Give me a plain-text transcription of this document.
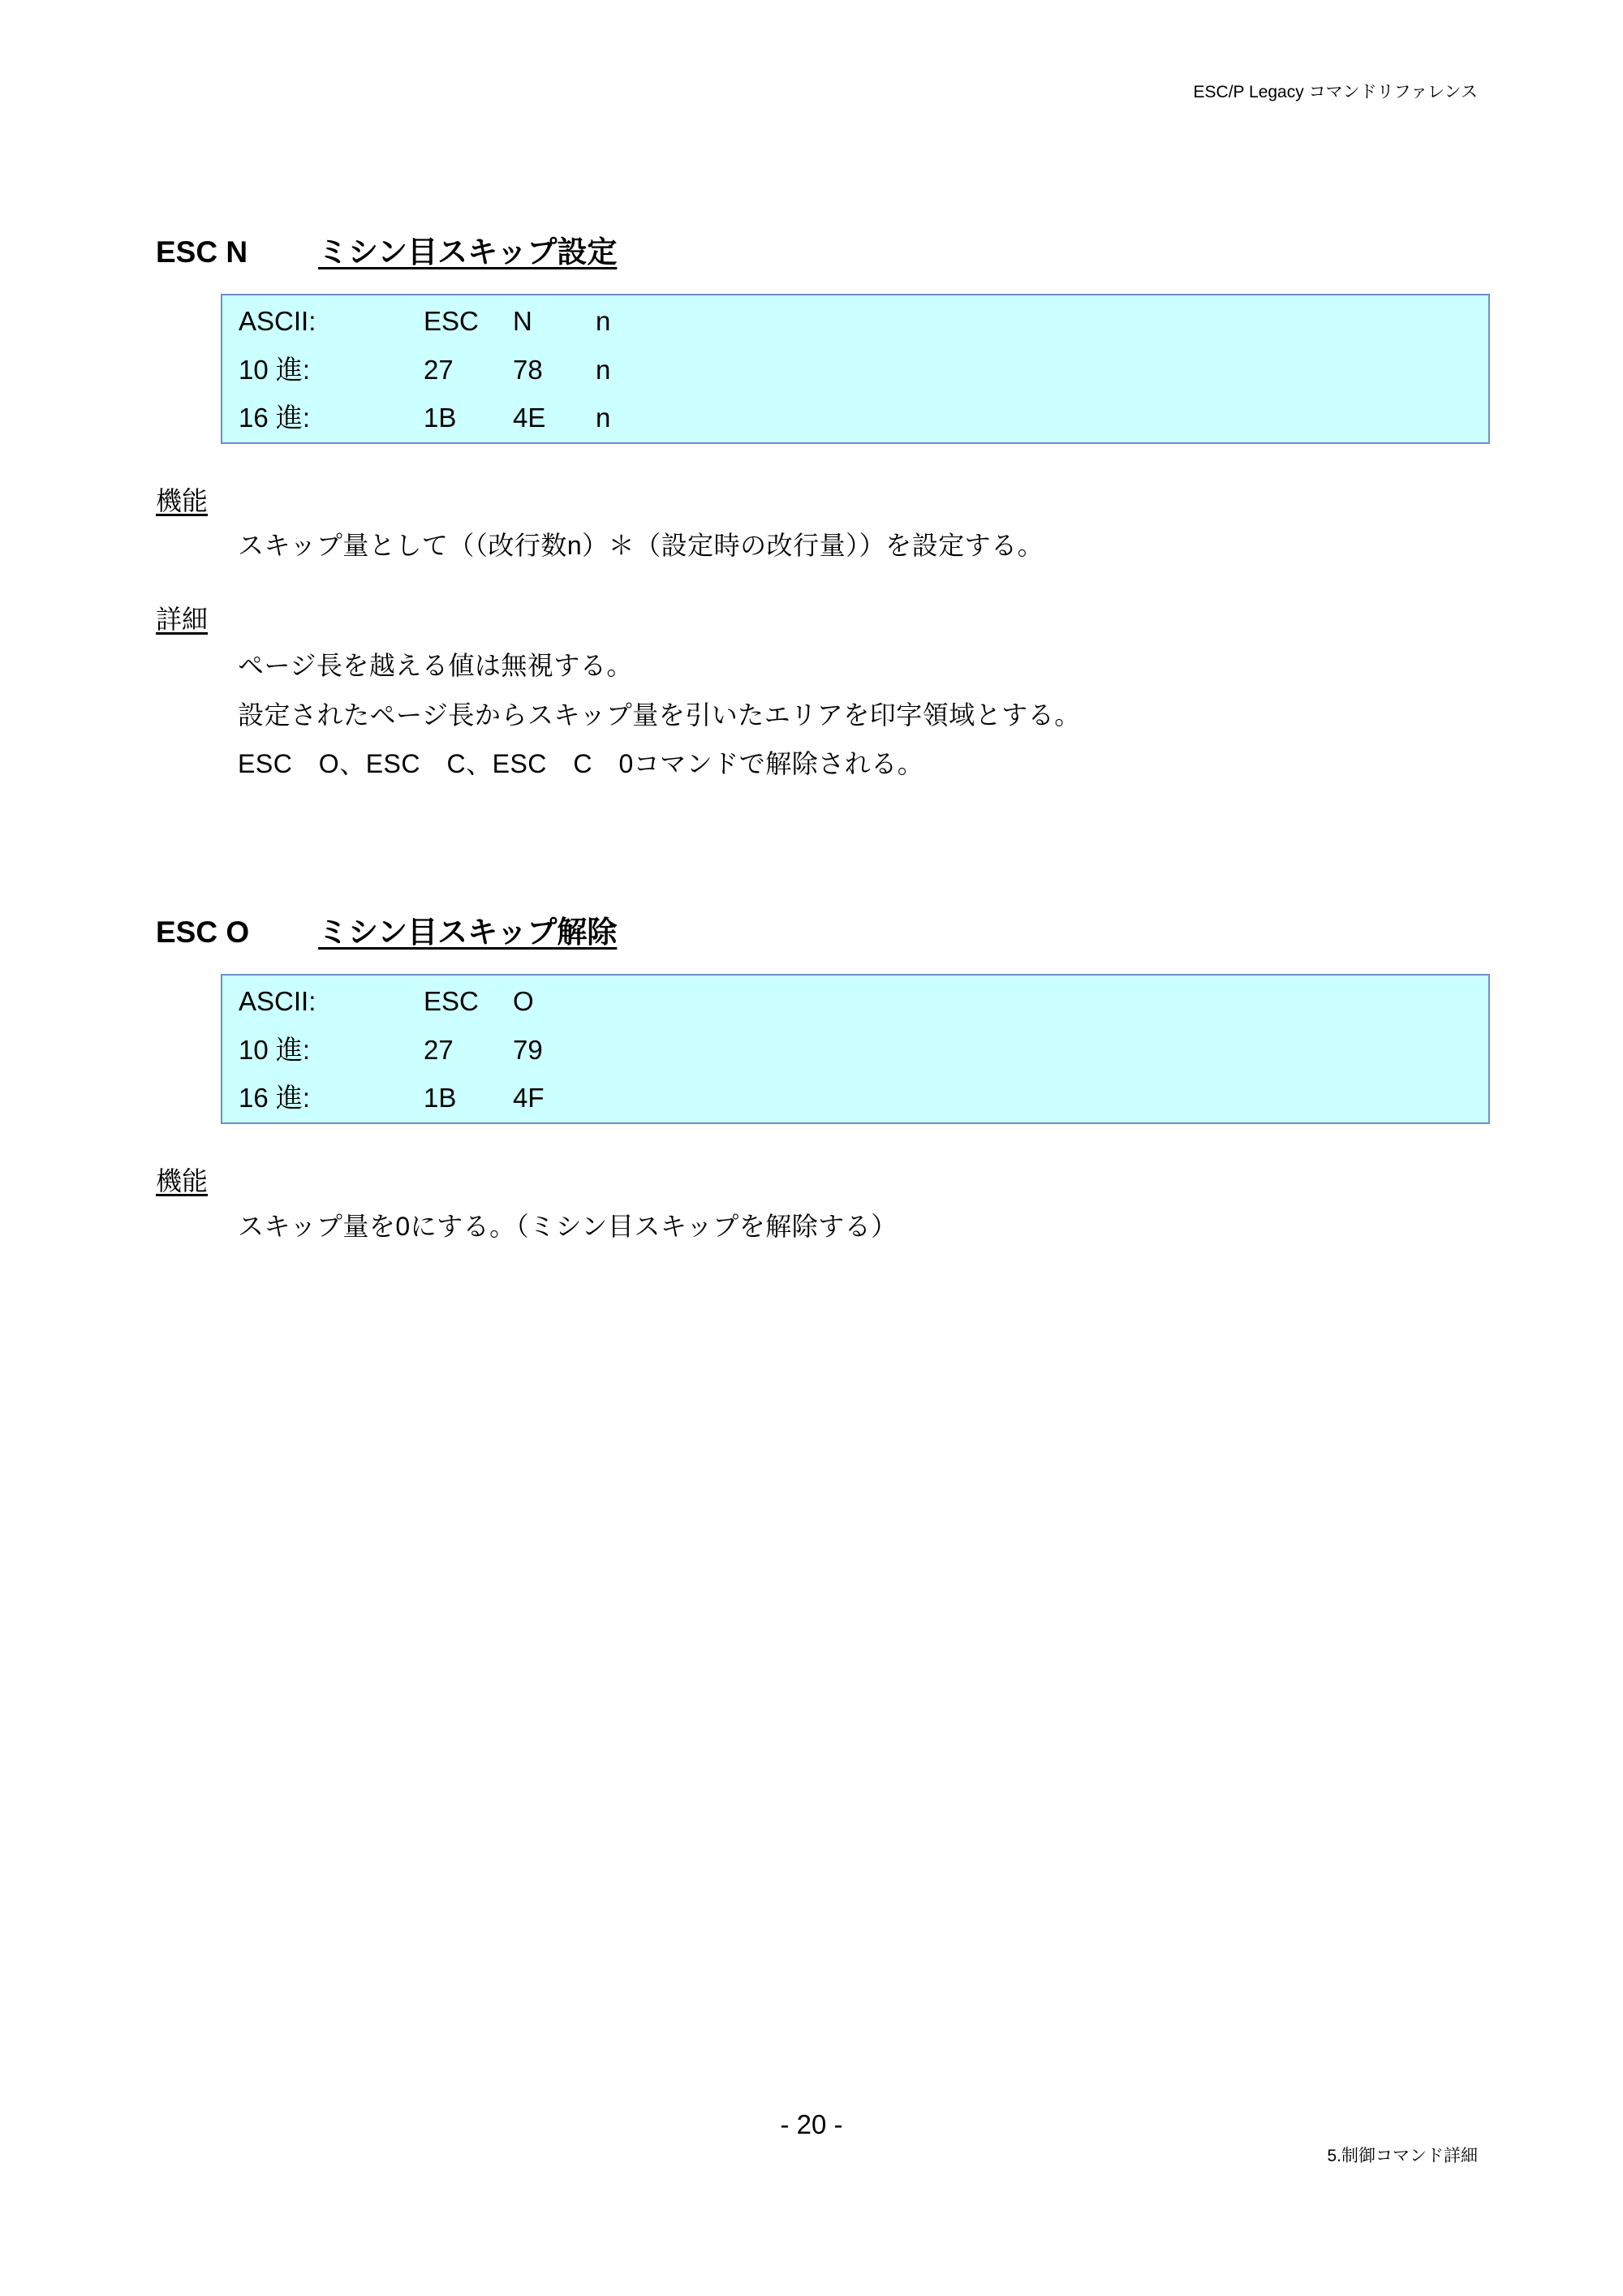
ESC/P Legacy コマンドリファレンス
ESC N ミシン目スキップ設定
ASCII:	ESC N n
10 進:	27 78 n
16 進:	1B 4E n
機能
スキップ量として（（改行数n）＊（設定時の改行量））を設定する。
詳細
ページ長を越える値は無視する。
設定されたページ長からスキップ量を引いたエリアを印字領域とする。
ESC　O、ESC　C、ESC　C　0コマンドで解除される。
ESC O ミシン目スキップ解除
ASCII:	ESC O
10 進:	27 79
16 進:	1B 4F
機能
スキップ量を0にする。（ミシン目スキップを解除する）
- 20 -
5.制御コマンド詳細
